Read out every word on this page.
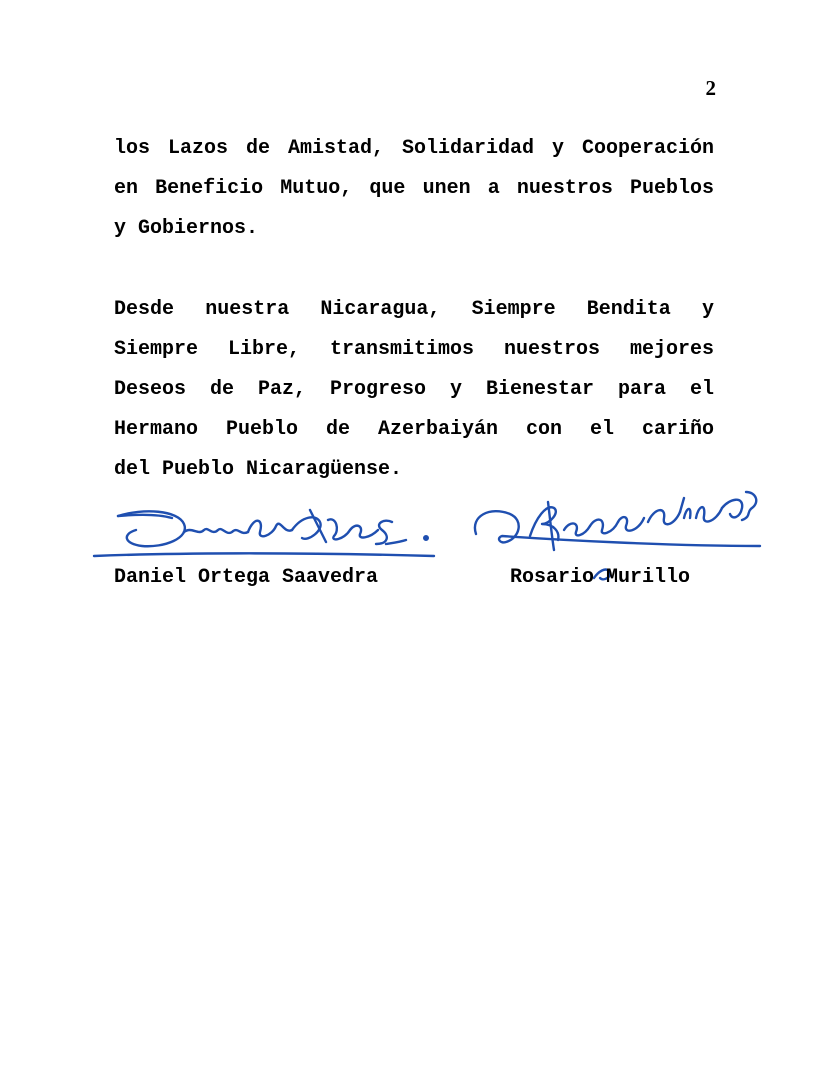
2
los Lazos de Amistad, Solidaridad y Cooperación
en Beneficio Mutuo, que unen a nuestros Pueblos
y Gobiernos.
Desde nuestra Nicaragua, Siempre Bendita y
Siempre Libre, transmitimos nuestros mejores
Deseos de Paz, Progreso y Bienestar para el
Hermano Pueblo de Azerbaiyán con el cariño
del Pueblo Nicaragüense.
Daniel Ortega Saavedra	Rosario Murillo
